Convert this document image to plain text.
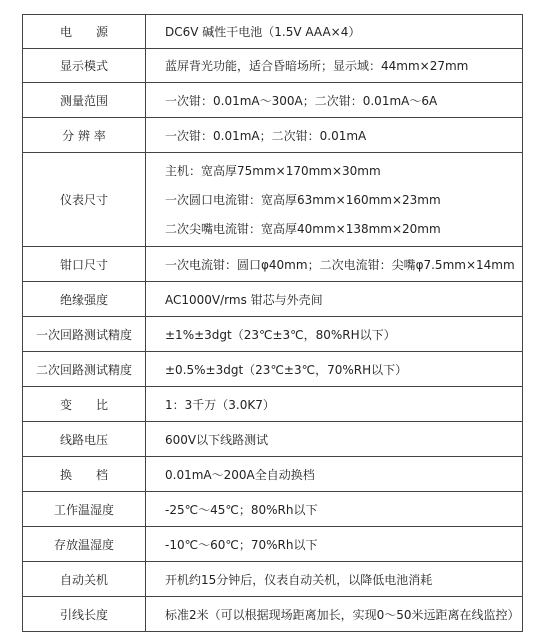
电　　源	DC6V 碱性干电池（1.5V AAA×4）
显示模式	蓝屏背光功能，适合昏暗场所；显示域：44mm×27mm
测量范围	一次钳：0.01mA～300A；二次钳：0.01mA～6A
分 辨 率	一次钳：0.01mA；二次钳：0.01mA
仪表尺寸	主机：宽高厚75mm×170mm×30mm
一次圆口电流钳：宽高厚63mm×160mm×23mm
二次尖嘴电流钳：宽高厚40mm×138mm×20mm

钳口尺寸	一次电流钳：圆口φ40mm；二次电流钳：尖嘴φ7.5mm×14mm
绝缘强度	AC1000V/rms 钳芯与外壳间
一次回路测试精度	±1%±3dgt（23℃±3℃，80%RH以下）
二次回路测试精度	±0.5%±3dgt（23℃±3℃，70%RH以下）
变　　比	1：3千万（3.0K7）
线路电压	600V以下线路测试
换　　档	0.01mA～200A全自动换档
工作温湿度	-25℃～45℃；80%Rh以下
存放温湿度	-10℃～60℃；70%Rh以下
自动关机	开机约15分钟后，仪表自动关机，以降低电池消耗
引线长度	标准2米（可以根据现场距离加长，实现0～50米远距离在线监控）
